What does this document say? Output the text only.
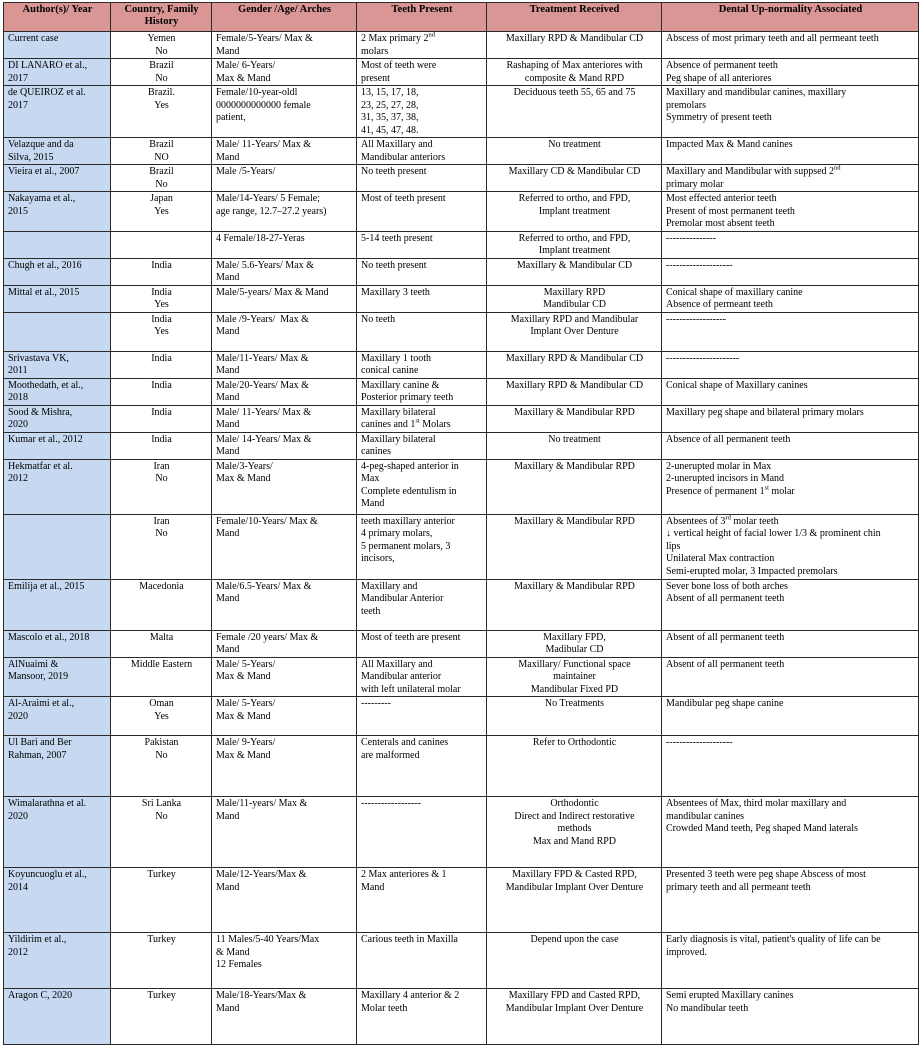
Author(s)/ Year	Country, Family History	Gender /Age/ Arches	Teeth Present	Treatment Received	Dental Up-normality Associated

Current case	Yemen
No	Female/5-Years/ Max &
Mand	2 Max primary 2nd
molars	Maxillary RPD & Mandibular CD	Abscess of most primary teeth and all permeant teeth

DI LANARO et al.,
2017	Brazil
No	Male/ 6-Years/
Max & Mand	Most of teeth were
present	Rashaping of Max anteriores with
composite & Mand RPD	Absence of permanent teeth
Peg shape of all anteriores

de QUEIROZ et al.
2017	Brazil.
Yes	Female/10-year-oldl
0000000000000 female
patient,	13, 15, 17, 18,
23, 25, 27, 28,
31, 35, 37, 38,
41, 45, 47, 48.	Deciduous teeth 55, 65 and 75	Maxillary and mandibular canines, maxillary
premolars
Symmetry of present teeth

Velazque and da
Silva, 2015	Brazil
NO	Male/ 11-Years/ Max &
Mand	All Maxillary and
Mandibular anteriors	No treatment	Impacted Max & Mand canines

Vieira et al., 2007	Brazil
No	Male /5-Years/	No teeth present	Maxillary CD & Mandibular CD	Maxillary and Mandibular with suppsed 2nd
primary molar

Nakayama et al.,
2015	Japan
Yes	Male/14-Years/ 5 Female;
age range, 12.7–27.2 years)	Most of teeth present	Referred to ortho, and FPD,
Implant treatment	Most effected anterior teeth
Present of most permanent teeth
Premolar most absent teeth

		4 Female/18-27-Yeras	5-14 teeth present	Referred to ortho, and FPD,
Implant treatment	---------------

Chugh et al., 2016	India	Male/ 5.6-Years/ Max &
Mand	No teeth present	Maxillary & Mandibular CD	--------------------

Mittal et al., 2015	India
Yes	Male/5-years/ Max & Mand	Maxillary 3 teeth	Maxillary RPD
Mandibular CD	Conical shape of maxillary canine
Absence of permeant teeth

	India
Yes	Male /9-Years/  Max &
Mand	No teeth	Maxillary RPD and Mandibular
Implant Over Denture	------------------

Srivastava VK,
2011	India	Male/11-Years/ Max &
Mand	Maxillary 1 tooth
conical canine	Maxillary RPD & Mandibular CD	----------------------

Moothedath, et al.,
2018	India	Male/20-Years/ Max &
Mand	Maxillary canine &
Posterior primary teeth	Maxillary RPD & Mandibular CD	Conical shape of Maxillary canines

Sood & Mishra,
2020	India	Male/ 11-Years/ Max &
Mand	Maxillary bilateral
canines and 1st Molars	Maxillary & Mandibular RPD	Maxillary peg shape and bilateral primary molars

Kumar et al., 2012	India	Male/ 14-Years/ Max &
Mand	Maxillary bilateral
canines	No treatment	Absence of all permanent teeth

Hekmatfar et al.
2012	Iran
No	Male/3-Years/
Max & Mand	4-peg-shaped anterior in
Max
Complete edentulism in
Mand	Maxillary & Mandibular RPD	2-unerupted molar in Max
2-unerupted incisors in Mand
Presence of permanent 1st molar

	Iran
No	Female/10-Years/ Max &
Mand	teeth maxillary anterior
4 primary molars,
5 permanent molars, 3
incisors,	Maxillary & Mandibular RPD	Absentees of 3rd molar teeth
↓ vertical height of facial lower 1/3 & prominent chin
lips
Unilateral Max contraction
Semi-erupted molar, 3 Impacted premolars

Emilija et al., 2015	Macedonia	Male/6.5-Years/ Max &
Mand	Maxillary and
Mandibular Anterior
teeth	Maxillary & Mandibular RPD	Sever bone loss of both arches
Absent of all permanent teeth

Mascolo et al., 2018	Malta	Female /20 years/ Max &
Mand	Most of teeth are present	Maxillary FPD,
Madibular CD	Absent of all permanent teeth

AlNuaimi &
Mansoor, 2019	Middle Eastern	Male/ 5-Years/
Max & Mand	All Maxillary and
Mandibular anterior
with left unilateral molar	Maxillary/ Functional space
maintainer
Mandibular Fixed PD	Absent of all permanent teeth

Al-Araimi et al.,
2020	Oman
Yes	Male/ 5-Years/
Max & Mand	---------	No Treatments	Mandibular peg shape canine

Ul Bari and Ber
Rahman, 2007	Pakistan
No	Male/ 9-Years/
Max & Mand	Centerals and canines
are malformed	Refer to Orthodontic	--------------------

Wimalarathna et al.
2020	Sri Lanka
No	Male/11-years/ Max &
Mand	------------------	Orthodontic
Direct and Indirect restorative
methods
Max and Mand RPD	Absentees of Max, third molar maxillary and
mandibular canines
Crowded Mand teeth, Peg shaped Mand laterals

Koyuncuoglu et al.,
2014	Turkey	Male/12-Years/Max &
Mand	2 Max anteriores & 1
Mand	Maxillary FPD & Casted RPD,
Mandibular Implant Over Denture	Presented 3 teeth were peg shape Abscess of most
primary teeth and all permeant teeth

Yildirim et al.,
2012	Turkey	11 Males/5-40 Years/Max
& Mand
12 Females	Carious teeth in Maxilla	Depend upon the case	Early diagnosis is vital, patient's quality of life can be
improved.

Aragon C, 2020	Turkey	Male/18-Years/Max &
Mand	Maxillary 4 anterior & 2
Molar teeth	Maxillary FPD and Casted RPD,
Mandibular Implant Over Denture	Semi erupted Maxillary canines
No mandibular teeth
